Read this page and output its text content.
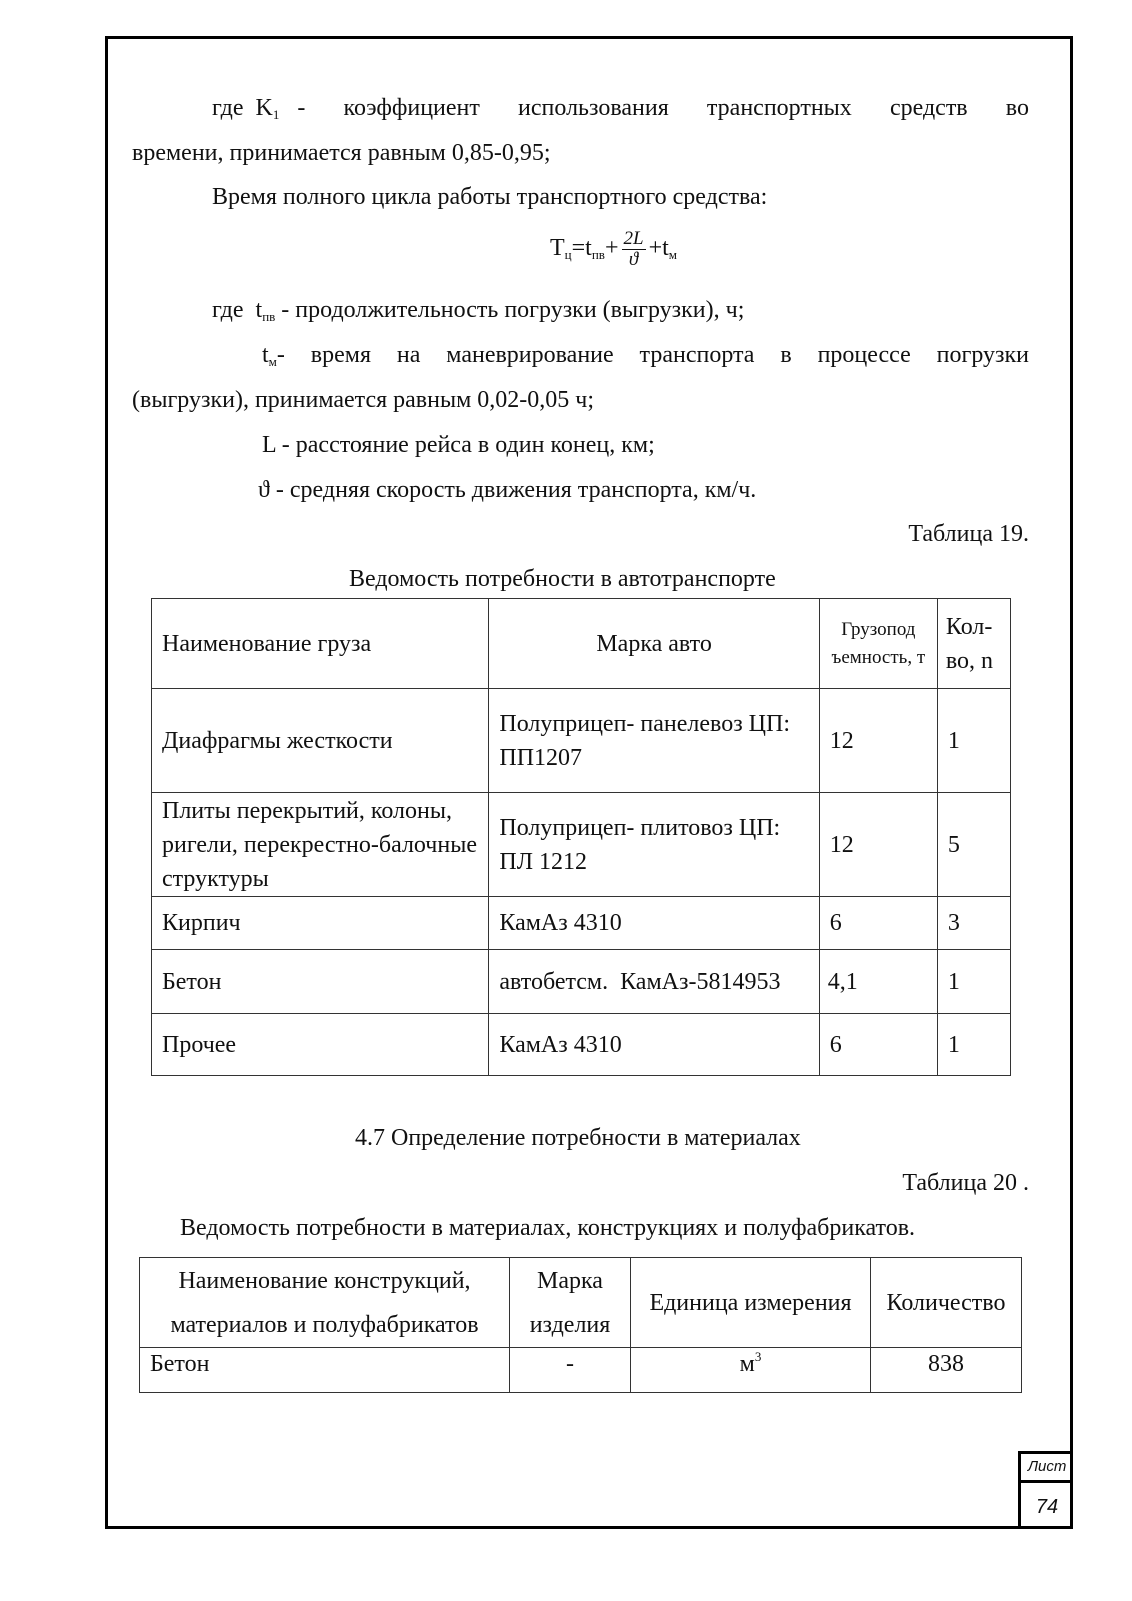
где $K_1$ - коэффициент использования транспортных средств во
времени, принимается равным 0,85-0,95;
Время полного цикла работы транспортного средства:
$T_ц=t_{пв}+ \frac{2L}{ϑ} +t_м$
где $t_{пв}$ - продолжительность погрузки (выгрузки), ч;
$t_м-$ время на маневрирование транспорта в процессе погрузки
(выгрузки), принимается равным 0,02-0,05 ч;
L - расстояние рейса в один конец, км;
ϑ - средняя скорость движения транспорта, км/ч.
Таблица 19.
Ведомость потребности в автотранспорте
Наименование груза	Марка авто	Грузопод ъемность, т	Кол-во, n
Диафрагмы жесткости	Полуприцеп- панелевоз ЦП: ПП1207	12	1
Плиты перекрытий, колоны, ригели, перекрестно-балочные структуры	Полуприцеп- плитовоз ЦП: ПЛ 1212	12	5
Кирпич	КамАз 4310	6	3
Бетон	автобетсм.  КамАз-5814953	4,1	1
Прочее	КамАз 4310	6	1
4.7 Определение потребности в материалах
Таблица 20 .
Ведомость потребности в материалах, конструкциях и полуфабрикатов.
Наименование конструкций, материалов и полуфабрикатов	Марка изделия	Единица измерения	Количество
Бетон	-	$м^3$	838
Лист
74
